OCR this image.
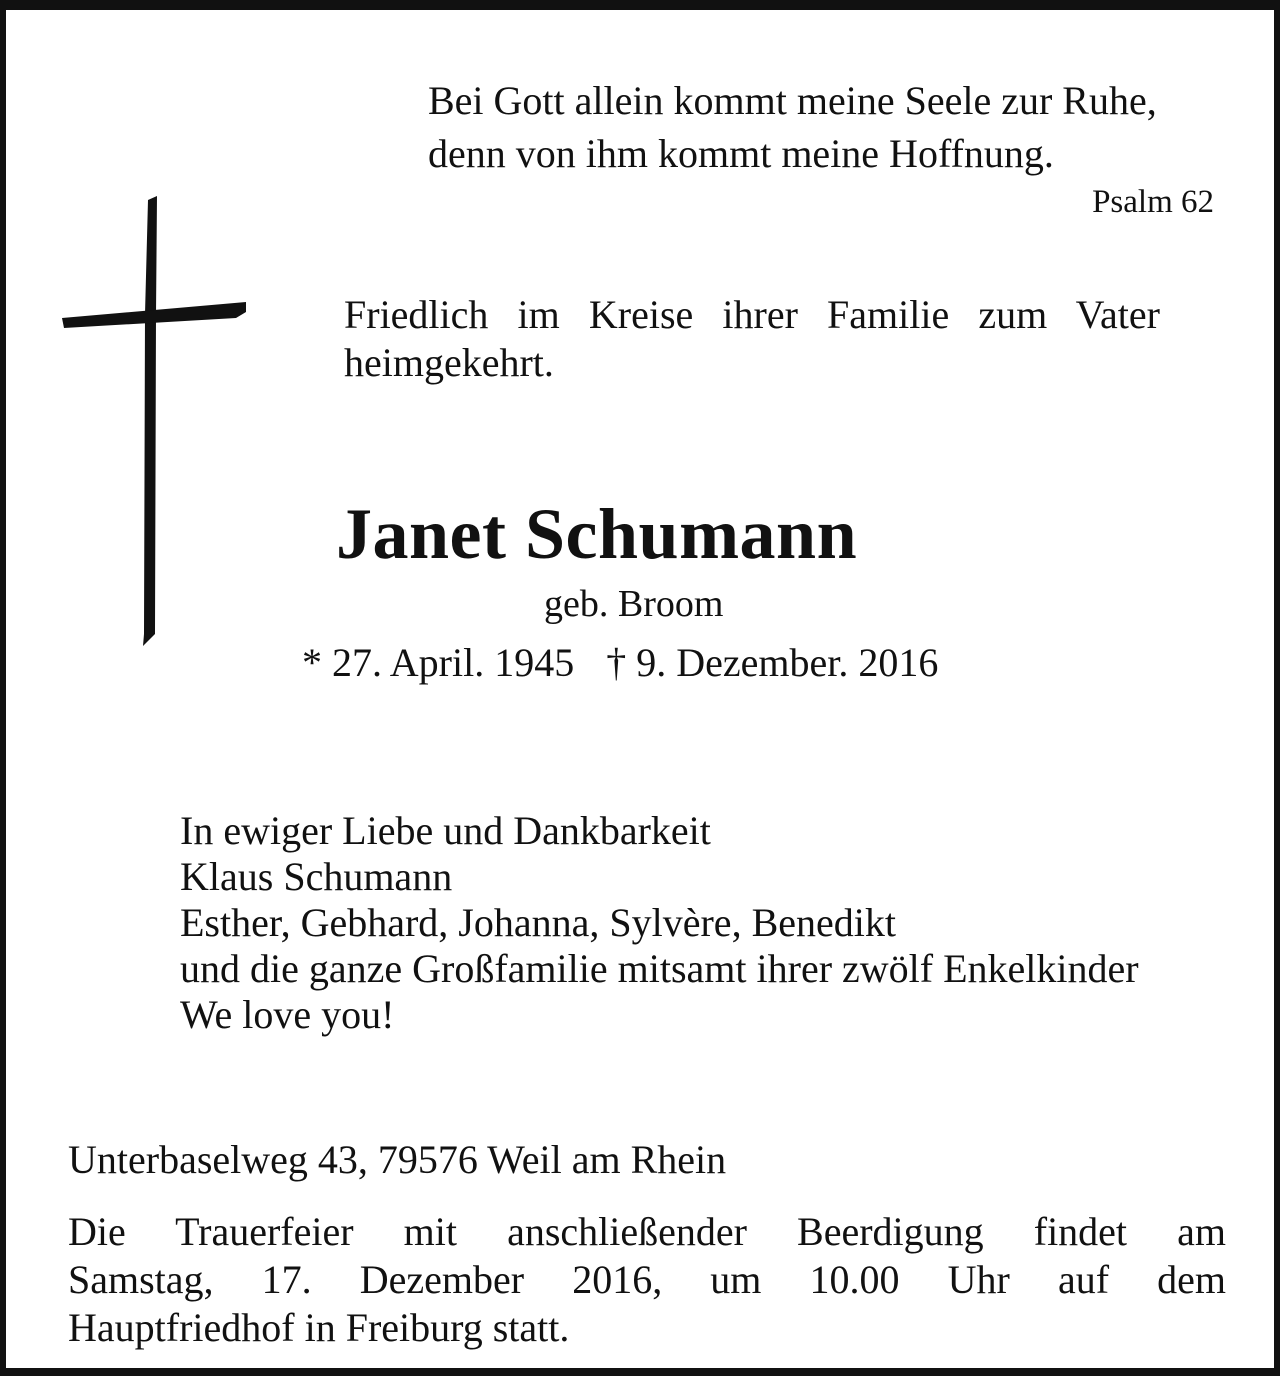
Bei Gott allein kommt meine Seele zur Ruhe,
denn von ihm kommt meine Hoffnung.
Psalm 62
Friedlich im Kreise ihrer Familie zum Vater
heimgekehrt.
Janet Schumann
geb. Broom
* 27. April. 1945 † 9. Dezember. 2016
In ewiger Liebe und Dankbarkeit
Klaus Schumann
Esther, Gebhard, Johanna, Sylvère, Benedikt
und die ganze Großfamilie mitsamt ihrer zwölf Enkelkinder
We love you!
Unterbaselweg 43, 79576 Weil am Rhein
Die Trauerfeier mit anschließender Beerdigung findet am
Samstag, 17. Dezember 2016, um 10.00 Uhr auf dem
Hauptfriedhof in Freiburg statt.
